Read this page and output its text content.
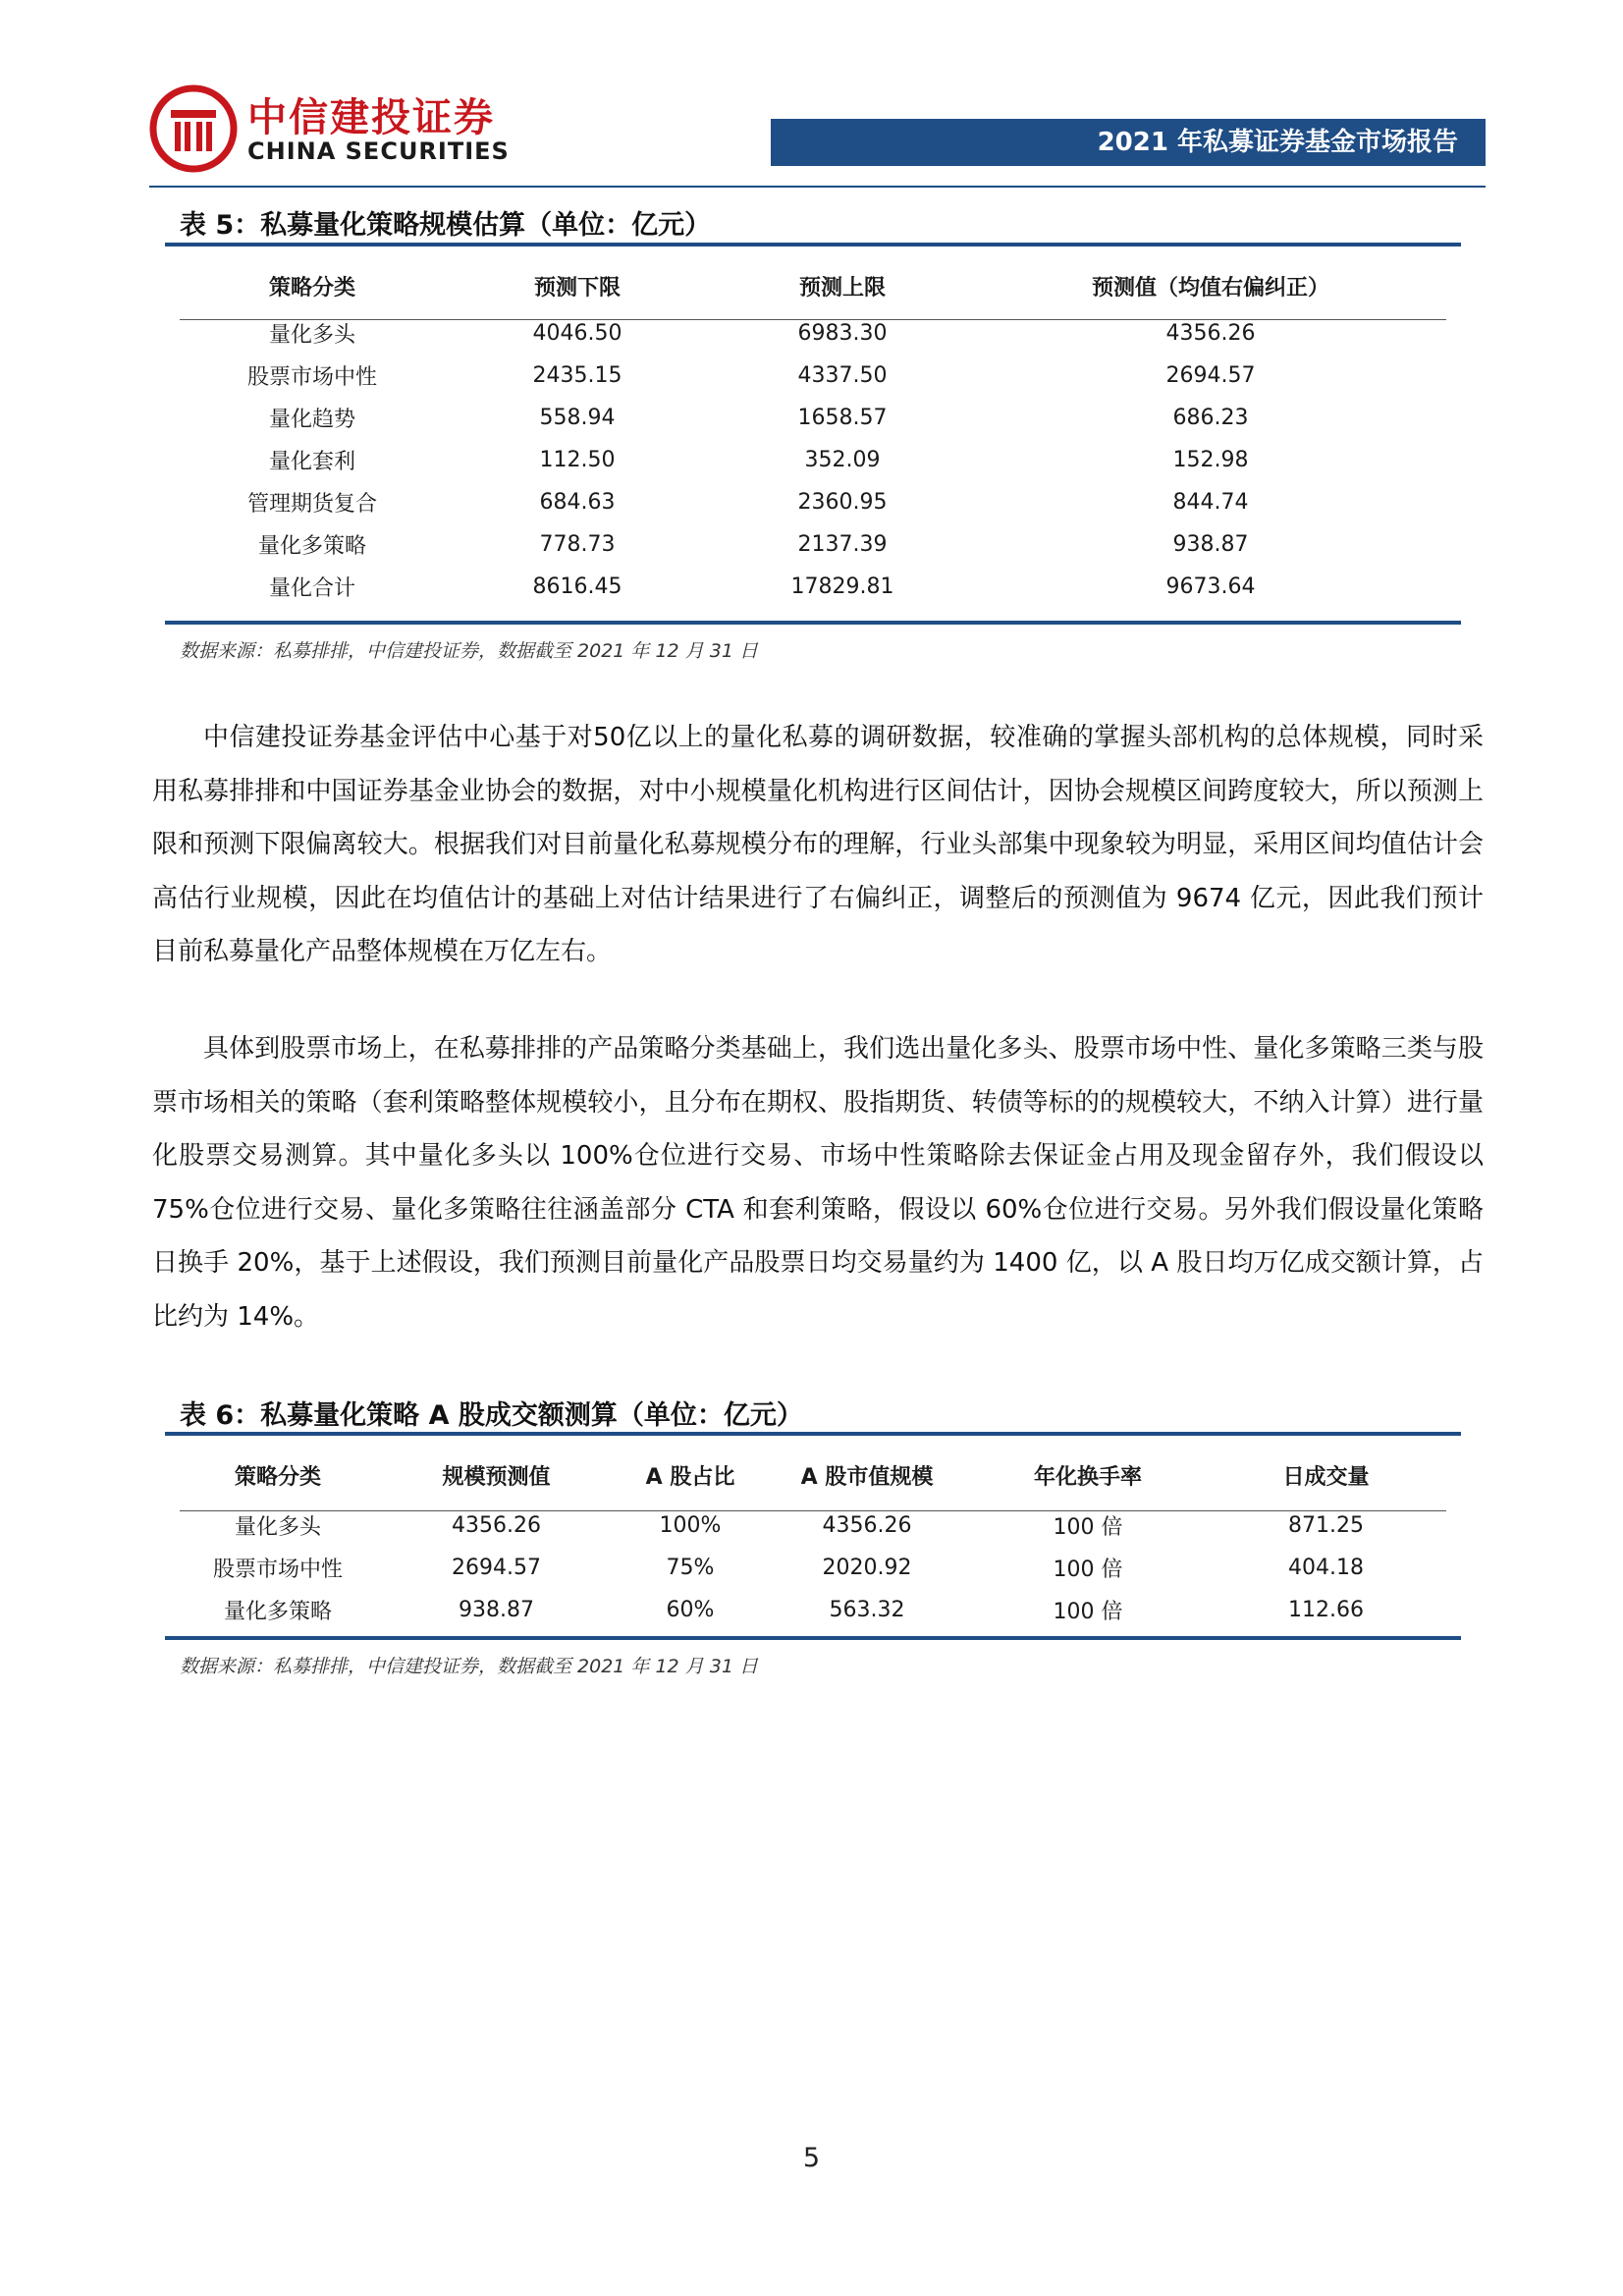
中信建投证券
CHINA SECURITIES	2021 年私募证券基金市场报告
表 5：私募量化策略规模估算（单位：亿元）
策略分类	预测下限	预测上限	预测值（均值右偏纠正）
量化多头	4046.50	6983.30	4356.26
股票市场中性	2435.15	4337.50	2694.57
量化趋势	558.94	1658.57	686.23
量化套利	112.50	352.09	152.98
管理期货复合	684.63	2360.95	844.74
量化多策略	778.73	2137.39	938.87
量化合计	8616.45	17829.81	9673.64
数据来源：私募排排，中信建投证券，数据截至 2021 年 12 月 31 日
中信建投证券基金评估中心基于对50亿以上的量化私募的调研数据，较准确的掌握头部机构的总体规模，同时采用私募排排和中国证券基金业协会的数据，对中小规模量化机构进行区间估计，因协会规模区间跨度较大，所以预测上限和预测下限偏离较大。根据我们对目前量化私募规模分布的理解，行业头部集中现象较为明显，采用区间均值估计会高估行业规模，因此在均值估计的基础上对估计结果进行了右偏纠正，调整后的预测值为 9674 亿元，因此我们预计目前私募量化产品整体规模在万亿左右。
具体到股票市场上，在私募排排的产品策略分类基础上，我们选出量化多头、股票市场中性、量化多策略三类与股票市场相关的策略（套利策略整体规模较小，且分布在期权、股指期货、转债等标的的规模较大，不纳入计算）进行量化股票交易测算。其中量化多头以 100%仓位进行交易、市场中性策略除去保证金占用及现金留存外，我们假设以 75%仓位进行交易、量化多策略往往涵盖部分 CTA 和套利策略，假设以 60%仓位进行交易。另外我们假设量化策略日换手 20%，基于上述假设，我们预测目前量化产品股票日均交易量约为 1400 亿，以 A 股日均万亿成交额计算，占比约为 14%。
表 6：私募量化策略 A 股成交额测算（单位：亿元）
策略分类	规模预测值	A 股占比	A 股市值规模	年化换手率	日成交量
量化多头	4356.26	100%	4356.26	100 倍	871.25
股票市场中性	2694.57	75%	2020.92	100 倍	404.18
量化多策略	938.87	60%	563.32	100 倍	112.66
数据来源：私募排排，中信建投证券，数据截至 2021 年 12 月 31 日
5
